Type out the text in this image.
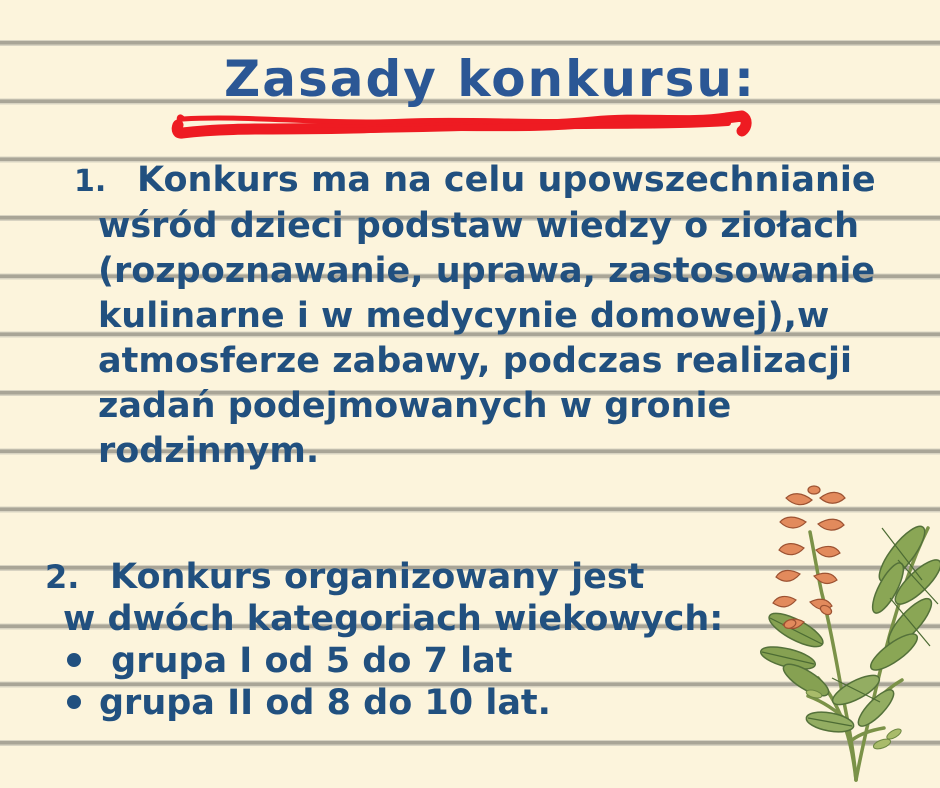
Zasady konkursu:
1. Konkurs ma na celu upowszechnianie
wśród dzieci podstaw wiedzy o ziołach
(rozpoznawanie, uprawa, zastosowanie
kulinarne i w medycynie domowej),w
atmosferze zabawy, podczas realizacji
zadań podejmowanych w gronie
rodzinnym.
2. Konkurs organizowany jest
w dwóch kategoriach wiekowych:
grupa I od 5 do 7 lat
grupa II od 8 do 10 lat.
